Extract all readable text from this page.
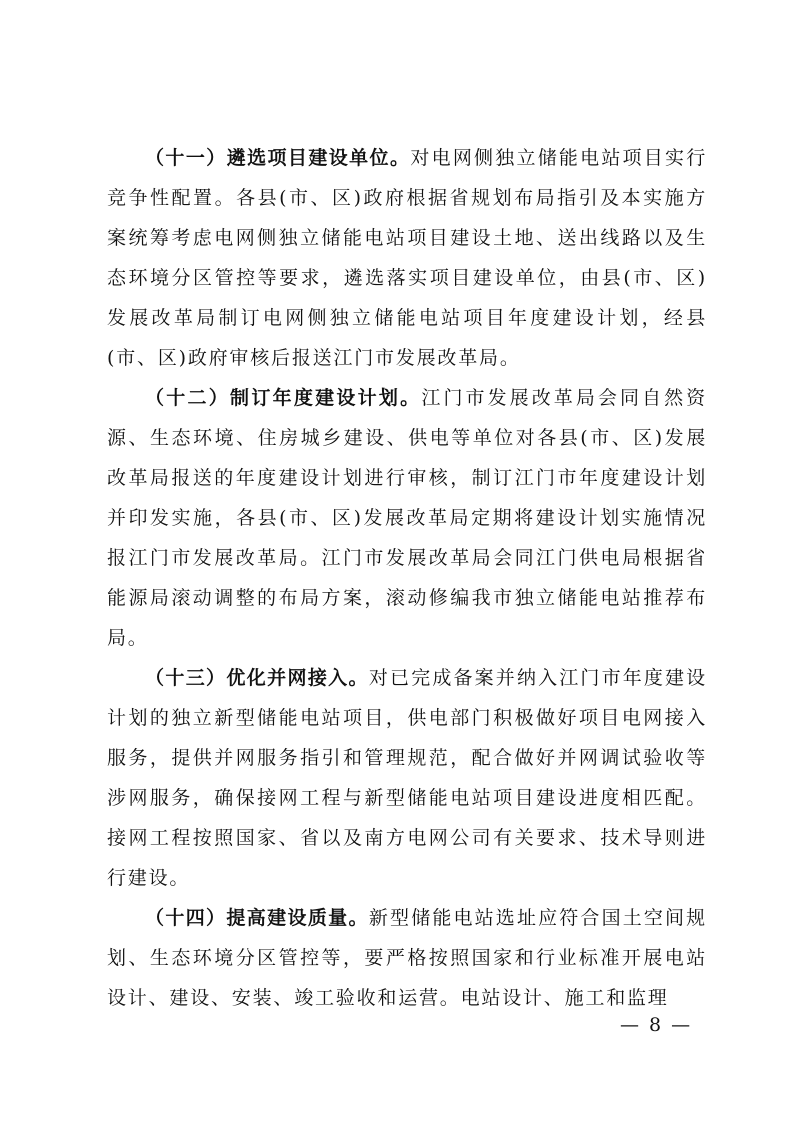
（十一）遴选项目建设单位。对电网侧独立储能电站项目实行竞争性配置。各县(市、区)政府根据省规划布局指引及本实施方案统筹考虑电网侧独立储能电站项目建设土地、送出线路以及生态环境分区管控等要求，遴选落实项目建设单位，由县(市、区)发展改革局制订电网侧独立储能电站项目年度建设计划，经县(市、区)政府审核后报送江门市发展改革局。

（十二）制订年度建设计划。江门市发展改革局会同自然资源、生态环境、住房城乡建设、供电等单位对各县(市、区)发展改革局报送的年度建设计划进行审核，制订江门市年度建设计划并印发实施，各县(市、区)发展改革局定期将建设计划实施情况报江门市发展改革局。江门市发展改革局会同江门供电局根据省能源局滚动调整的布局方案，滚动修编我市独立储能电站推荐布局。

（十三）优化并网接入。对已完成备案并纳入江门市年度建设计划的独立新型储能电站项目，供电部门积极做好项目电网接入服务，提供并网服务指引和管理规范，配合做好并网调试验收等涉网服务，确保接网工程与新型储能电站项目建设进度相匹配。接网工程按照国家、省以及南方电网公司有关要求、技术导则进行建设。

（十四）提高建设质量。新型储能电站选址应符合国土空间规划、生态环境分区管控等，要严格按照国家和行业标准开展电站设计、建设、安装、竣工验收和运营。电站设计、施工和监理

— 8 —
